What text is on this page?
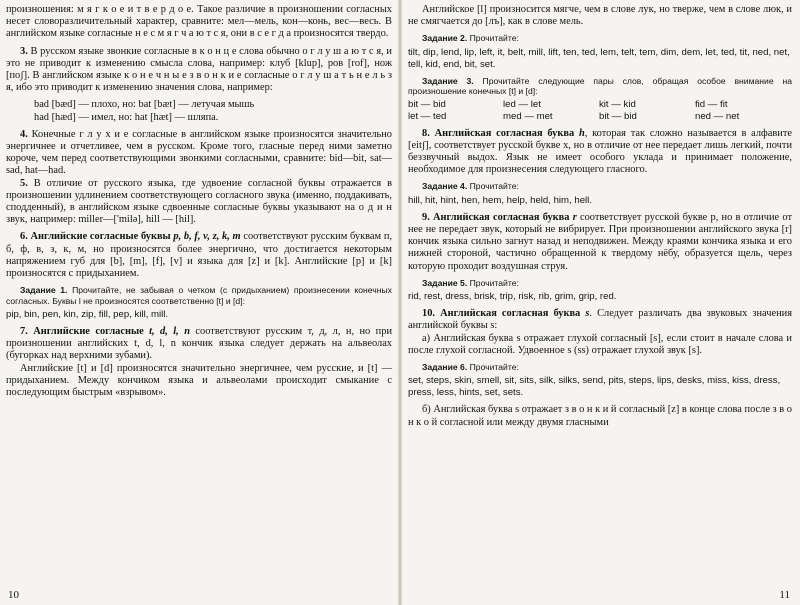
произношения: м я г к о е и т в е р д о е. Такое различие в произношении согласных несет словоразличительный характер, сравните: мел—мель, кон—конь, вес—весь. В английском языке согласные н е с м я г ч а ю т с я, они в с е г д а произносятся твердо.

3. В русском языке звонкие согласные в к о н ц е слова обычно о г л у ш а ю т с я, и это не приводит к изменению смысла слова, например: клуб [klup], ров [rof], нож [поʃ]. В английском языке к о н е ч н ы е з в о н к и е согласные о г л у ш а т ь н е л ь з я, ибо это приводит к изменению значения слова, например:

bad [bæd] — плохо, но: bat [bæt] — летучая мышь

had [hæd] — имел, но: hat [hæt] — шляпа.

4. Конечные г л у х и е согласные в английском языке произносятся значительно энергичнее и отчетливее, чем в русском. Кроме того, гласные перед ними заметно короче, чем перед соответствующими звонкими согласными, сравните: bid—bit, sat—sad, hat—had.

5. В отличие от русского языка, где удвоение согласной буквы отражается в произношении удлинением соответствующего согласного звука (именно, поддакивать, сподденный), в английском языке сдвоенные согласные буквы указывают на о д и н звук, например: miller—['milə], hill — [hil].

6. Английские согласные буквы p, b, f, v, z, k, m соответствуют русским буквам п, б, ф, в, з, к, м, но произносятся более энергично, что достигается некоторым напряжением губ для [b], [m], [f], [v] и языка для [z] и [k]. Английские [p] и [k] произносятся с придыханием.

Задание 1. Прочитайте, не забывая о четком (с придыханием) произнесении конечных согласных. Буквы l не произносятся соответственно [t] и [d]:

pip, bin, pen, kin, zip, fill, pep, kill, mill.

7. Английские согласные t, d, l, n соответствуют русским т, д, л, н, но при произношении английских t, d, l, n кончик языка следует держать на альвеолах (бугорках над верхними зубами).

Английские [t] и [d] произносятся значительно энергичнее, чем русские, и [t] — придыханием. Между кончиком языка и альвеолами происходит смыкание с последующим быстрым «взрывом».

10

Английское [l] произносится мягче, чем в слове лук, но тверже, чем в слове люк, и не смягчается до [лъ], как в слове мель.

Задание 2. Прочитайте:

tilt, dip, lend, lip, left, it, belt, mill, lift, ten, ted, lem, telt, tem, dim, dem, let, ted, tit, ned, net, tell, kid, end, bit, set.

Задание 3. Прочитайте следующие пары слов, обращая особое внимание на произношение конечных [t] и [d]:

bit — bid	led — let	kit — kid	fid — fit
let — ted	med — met	bit — bid	ned — net

8. Английская согласная буква h, которая так сложно называется в алфавите [eitʃ], соответствует русской букве х, но в отличие от нее передает лишь легкий, почти беззвучный выдох. Язык не имеет особого уклада и принимает положение, необходимое для произнесения следующего гласного.

Задание 4. Прочитайте:

hill, hit, hint, hen, hem, help, held, him, hell.

9. Английская согласная буква r соответствует русской букве р, но в отличие от нее не передает звук, который не вибрирует. При произношении английского звука [r] кончик языка сильно загнут назад и неподвижен. Между краями кончика языка и его нижней стороной, частично обращенной к твердому нёбу, образуется щель, через которую проходит воздушная струя.

Задание 5. Прочитайте:

rid, rest, dress, brisk, trip, risk, rib, grim, grip, red.

10. Английская согласная буква s. Следует различать два звуковых значения английской буквы s:

а) Английская буква s отражает глухой согласный [s], если стоит в начале слова и после глухой согласной. Удвоенное s (ss) отражает глухой звук [s].

Задание 6. Прочитайте:

set, steps, skin, smell, sit, sits, silk, silks, send, pits, steps, lips, desks, miss, kiss, dress, press, less, hints, set, sets.

б) Английская буква s отражает з в о н к и й согласный [z] в конце слова после з в о н к о й согласной или между двумя гласными

11
